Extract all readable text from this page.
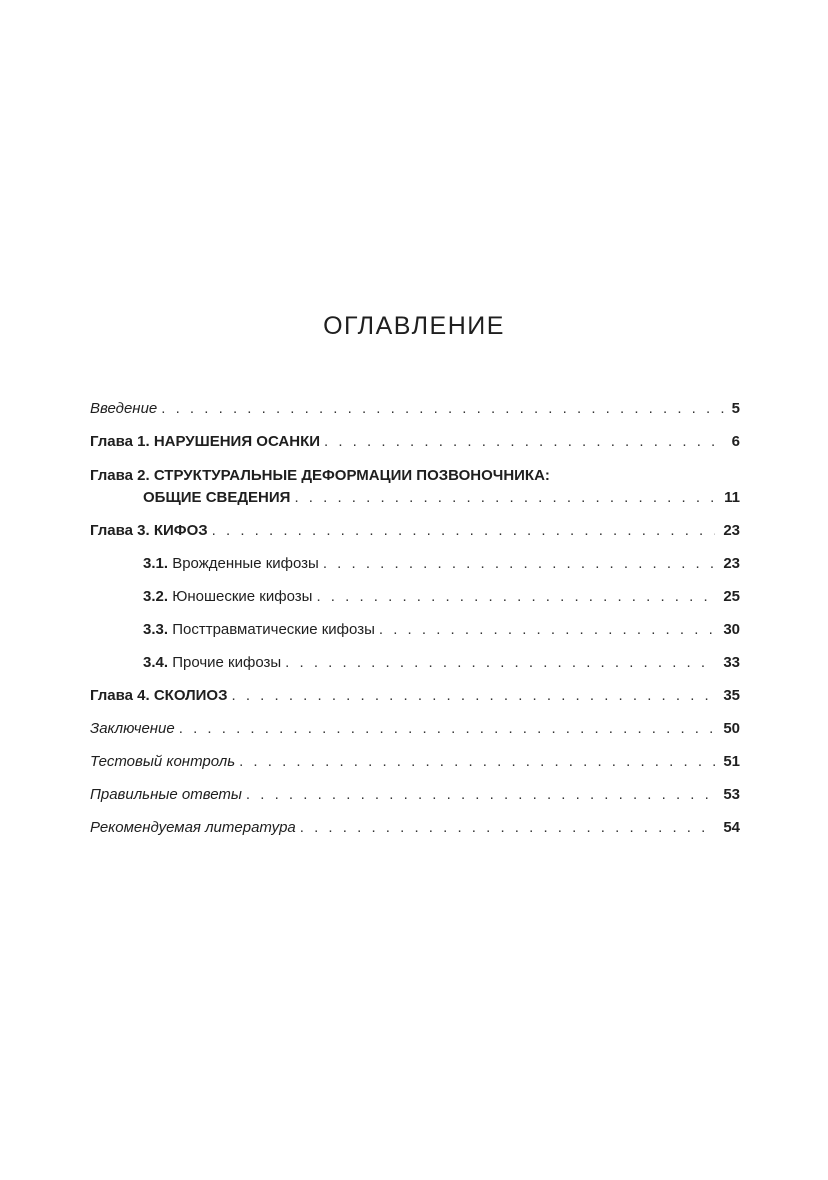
ОГЛАВЛЕНИЕ
Введение . . .	5
Глава 1. НАРУШЕНИЯ ОСАНКИ . . .	6
Глава 2. СТРУКТУРАЛЬНЫЕ ДЕФОРМАЦИИ ПОЗВОНОЧНИКА:
ОБЩИЕ СВЕДЕНИЯ . . .	11
Глава 3. КИФОЗ . . .	23
3.1. Врожденные кифозы . . .	23
3.2. Юношеские кифозы . . .	25
3.3. Посттравматические кифозы . . .	30
3.4. Прочие кифозы . . .	33
Глава 4. СКОЛИОЗ . . .	35
Заключение . . .	50
Тестовый контроль . . .	51
Правильные ответы . . .	53
Рекомендуемая литература . . .	54
